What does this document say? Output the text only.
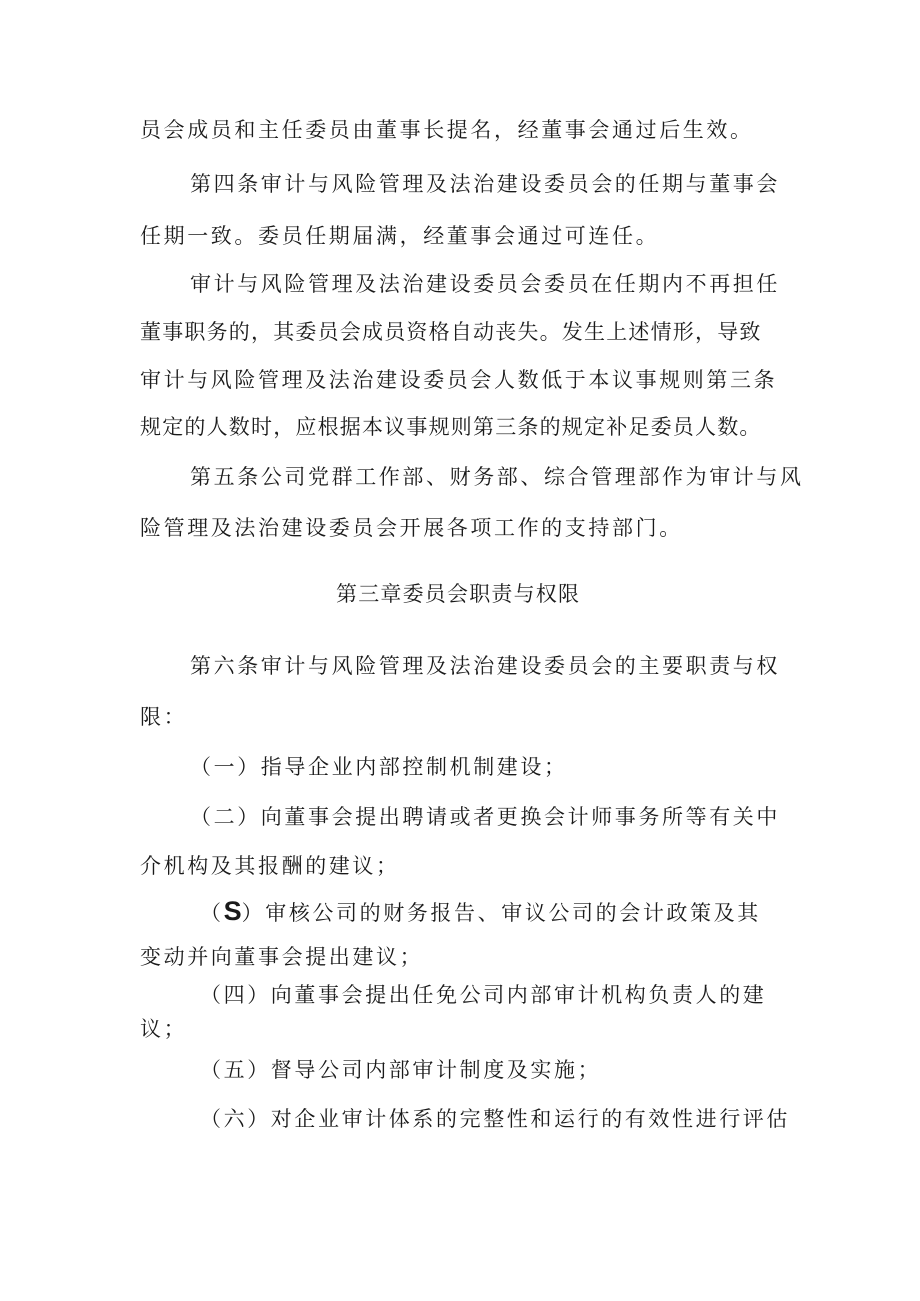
员会成员和主任委员由董事长提名，经董事会通过后生效。
第四条审计与风险管理及法治建设委员会的任期与董事会
任期一致。委员任期届满，经董事会通过可连任。
审计与风险管理及法治建设委员会委员在任期内不再担任
董事职务的，其委员会成员资格自动丧失。发生上述情形，导致
审计与风险管理及法治建设委员会人数低于本议事规则第三条
规定的人数时，应根据本议事规则第三条的规定补足委员人数。
第五条公司党群工作部、财务部、综合管理部作为审计与风
险管理及法治建设委员会开展各项工作的支持部门。
第三章委员会职责与权限
第六条审计与风险管理及法治建设委员会的主要职责与权
限：
（一）指导企业内部控制机制建设；
（二）向董事会提出聘请或者更换会计师事务所等有关中
介机构及其报酬的建议；
（S）审核公司的财务报告、审议公司的会计政策及其
变动并向董事会提出建议；
（四）向董事会提出任免公司内部审计机构负责人的建
议；
（五）督导公司内部审计制度及实施；
（六）对企业审计体系的完整性和运行的有效性进行评估
